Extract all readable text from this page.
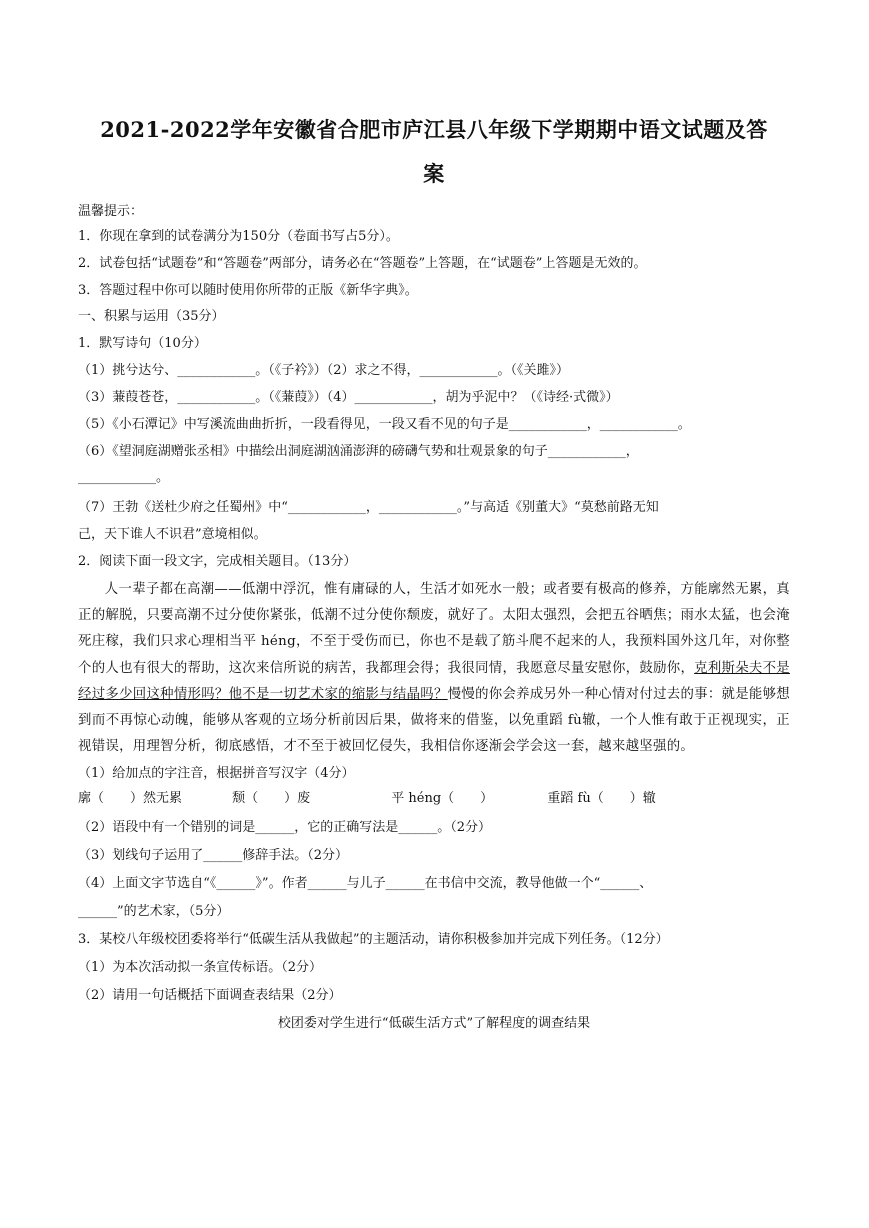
2021-2022学年安徽省合肥市庐江县八年级下学期期中语文试题及答
案
温馨提示：
1．你现在拿到的试卷满分为150分（卷面书写占5分）。
2．试卷包括“试题卷”和“答题卷”两部分，请务必在“答题卷”上答题，在“试题卷”上答题是无效的。
3．答题过程中你可以随时使用你所带的正版《新华字典》。
一、积累与运用（35分）
1．默写诗句（10分）
（1）挑兮达兮、____________。（《子衿》）（2）求之不得，____________。（《关雎》）
（3）蒹葭苍苍，____________。（《蒹葭》）（4）____________，胡为乎泥中？（《诗经·式微》）
（5）《小石潭记》中写溪流曲曲折折，一段看得见，一段又看不见的句子是____________，____________。
（6）《望洞庭湖赠张丞相》中描绘出洞庭湖汹涌澎湃的磅礴气势和壮观景象的句子____________，
____________。
（7）王勃《送杜少府之任蜀州》中“____________，____________。”与高适《别董大》“莫愁前路无知
己，天下谁人不识君”意境相似。
2．阅读下面一段文字，完成相关题目。（13分）
人一辈子都在高潮——低潮中浮沉，惟有庸碌的人，生活才如死水一般；或者要有极高的修养，方能廓然无累，真正的解脱，只要高潮不过分使你紧张，低潮不过分使你颓废，就好了。太阳太强烈，会把五谷晒焦；雨水太猛，也会淹死庄稼，我们只求心理相当平 héng，不至于受伤而已，你也不是载了筋斗爬不起来的人，我预料国外这几年，对你整个的人也有很大的帮助，这次来信所说的病苦，我都理会得；我很同情，我愿意尽量安慰你，鼓励你，克利斯朵夫不是经过多少回这种情形吗？他不是一切艺术家的缩影与结晶吗？慢慢的你会养成另外一种心情对付过去的事：就是能够想到而不再惊心动魄，能够从客观的立场分析前因后果，做将来的借鉴，以免重蹈 fù辙，一个人惟有敢于正视现实，正视错误，用理智分析，彻底感悟，才不至于被回忆侵失，我相信你逐渐会学会这一套，越来越坚强的。
（1）给加点的字注音，根据拼音写汉字（4分）
廓（　　）然无累	颓（　　）废	平 héng（　　）	重蹈 fù（　　）辙
（2）语段中有一个错别的词是______，它的正确写法是______。（2分）
（3）划线句子运用了______修辞手法。（2分）
（4）上面文字节选自“《______》”。作者______与儿子______在书信中交流，教导他做一个“______、
______”的艺术家，（5分）
3．某校八年级校团委将举行“低碳生活从我做起”的主题活动，请你积极参加并完成下列任务。（12分）
（1）为本次活动拟一条宣传标语。（2分）
（2）请用一句话概括下面调查表结果（2分）
校团委对学生进行“低碳生活方式”了解程度的调查结果
